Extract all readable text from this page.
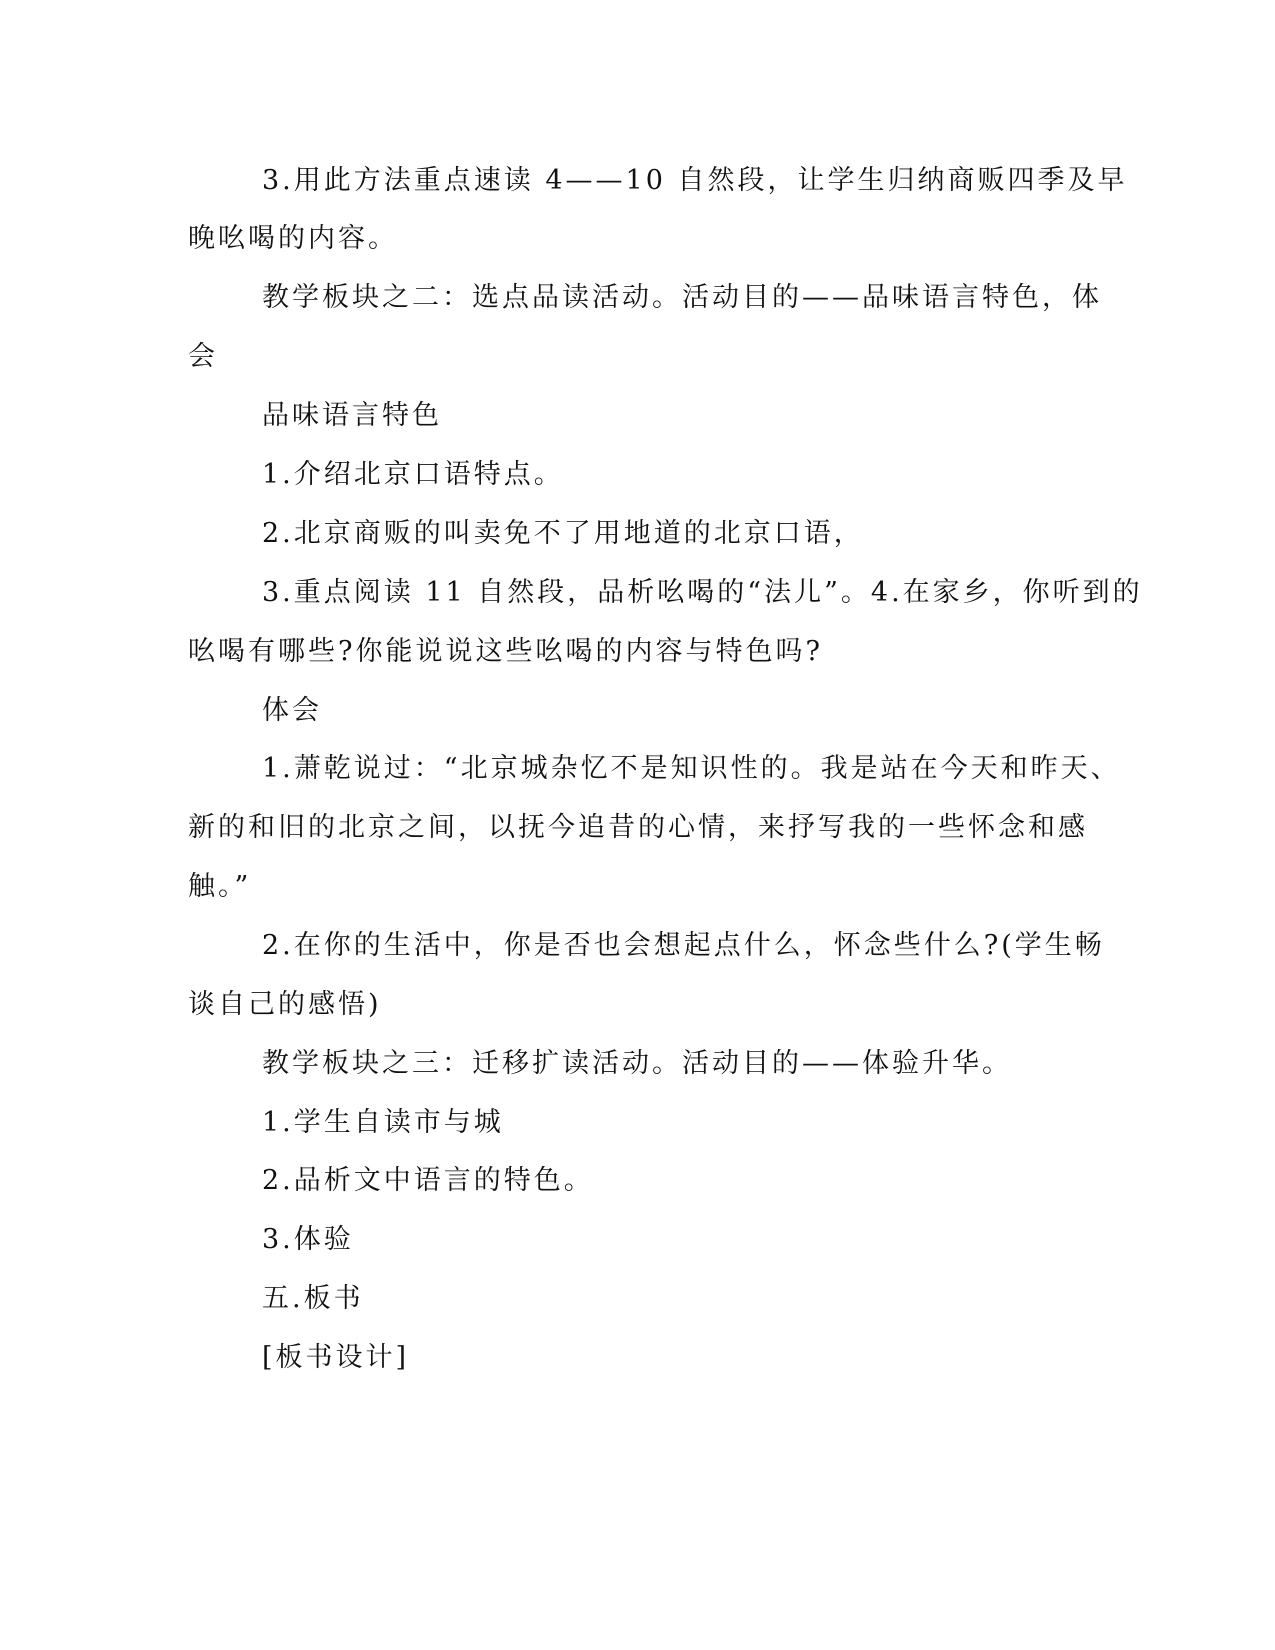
3.用此方法重点速读 4——10 自然段，让学生归纳商贩四季及早
晚吆喝的内容。
教学板块之二：选点品读活动。活动目的——品味语言特色，体
会
品味语言特色
1.介绍北京口语特点。
2.北京商贩的叫卖免不了用地道的北京口语，
3.重点阅读 11 自然段，品析吆喝的“法儿”。4.在家乡，你听到的
吆喝有哪些?你能说说这些吆喝的内容与特色吗?
体会
1.萧乾说过：“北京城杂忆不是知识性的。我是站在今天和昨天、
新的和旧的北京之间，以抚今追昔的心情，来抒写我的一些怀念和感
触。”
2.在你的生活中，你是否也会想起点什么，怀念些什么?(学生畅
谈自己的感悟)
教学板块之三：迁移扩读活动。活动目的——体验升华。
1.学生自读市与城
2.品析文中语言的特色。
3.体验
五.板书
[板书设计]
